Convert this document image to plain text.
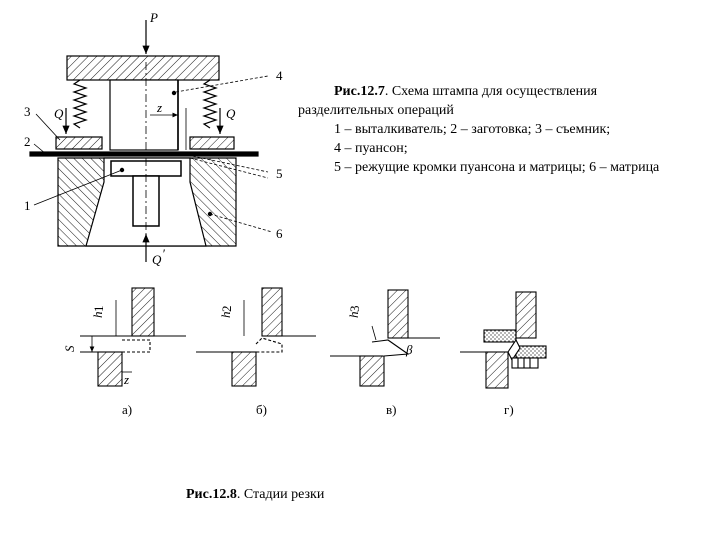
P
Q	Q
Q ′
z
1
2
3
4
5
6
h
1
S
z
h
2
h
3
β
а)	б)	в)	г)
Рис.12.7. Схема штампа для осуществления
разделительных операций
1 – выталкиватель; 2 – заготовка; 3 – съемник;
4 – пуансон;
5 – режущие кромки пуансона и матрицы; 6 – матрица
Рис.12.8. Стадии резки
